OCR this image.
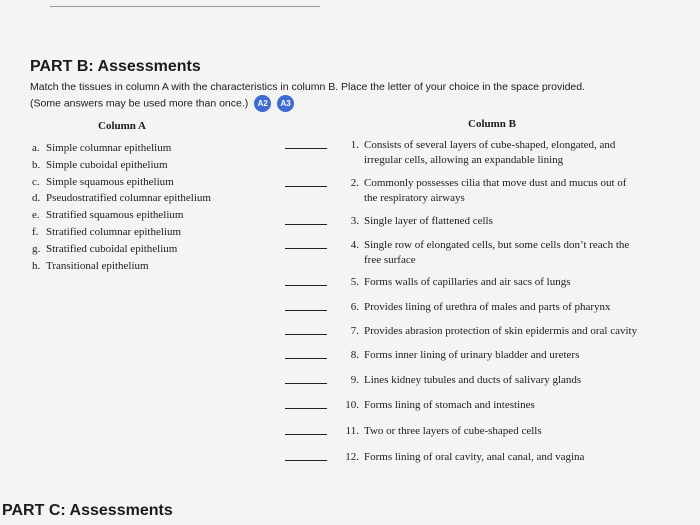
PART B: Assessments
Match the tissues in column A with the characteristics in column B. Place the letter of your choice in the space provided.
(Some answers may be used more than once.) A2 A3
Column A	Column B
a. Simple columnar epithelium
b. Simple cuboidal epithelium
c. Simple squamous epithelium
d. Pseudostratified columnar epithelium
e. Stratified squamous epithelium
f. Stratified columnar epithelium
g. Stratified cuboidal epithelium
h. Transitional epithelium
1. Consists of several layers of cube-shaped, elongated, and
irregular cells, allowing an expandable lining
2. Commonly possesses cilia that move dust and mucus out of
the respiratory airways
3. Single layer of flattened cells
4. Single row of elongated cells, but some cells don’t reach the
free surface
5. Forms walls of capillaries and air sacs of lungs
6. Provides lining of urethra of males and parts of pharynx
7. Provides abrasion protection of skin epidermis and oral cavity
8. Forms inner lining of urinary bladder and ureters
9. Lines kidney tubules and ducts of salivary glands
10. Forms lining of stomach and intestines
11. Two or three layers of cube-shaped cells
12. Forms lining of oral cavity, anal canal, and vagina
PART C: Assessments
